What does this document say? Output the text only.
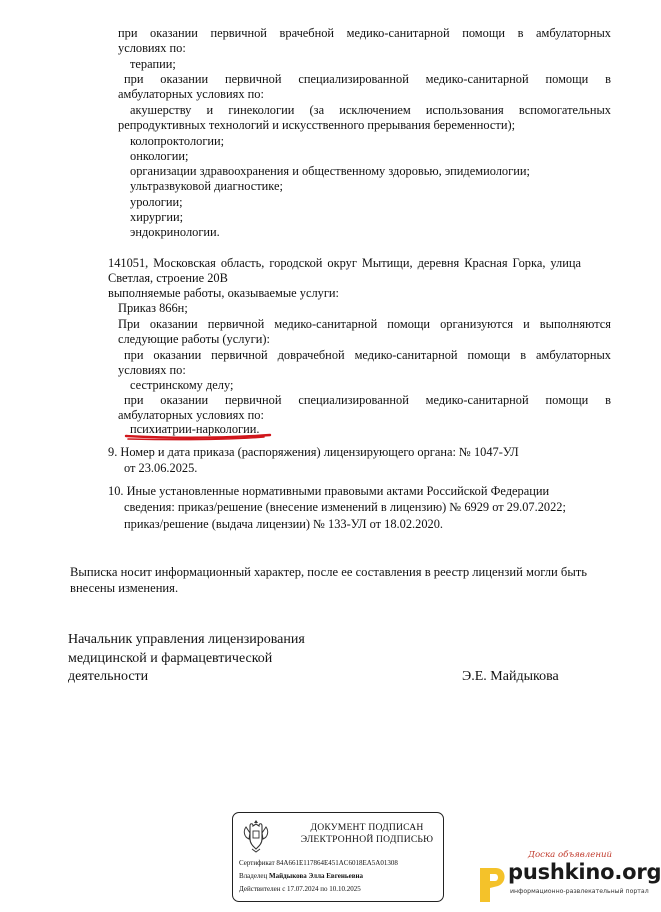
при оказании первичной врачебной медико-санитарной помощи в амбулаторных
условиях по:
терапии;
при оказании первичной специализированной медико-санитарной помощи в
амбулаторных условиях по:
акушерству и гинекологии (за исключением использования вспомогательных
репродуктивных технологий и искусственного прерывания беременности);
колопроктологии;
онкологии;
организации здравоохранения и общественному здоровью, эпидемиологии;
ультразвуковой диагностике;
урологии;
хирургии;
эндокринологии.
141051, Московская область, городской округ Мытищи, деревня Красная Горка, улица
Светлая, строение 20В
выполняемые работы, оказываемые услуги:
Приказ 866н;
При оказании первичной медико-санитарной помощи организуются и выполняются
следующие работы (услуги):
при оказании первичной доврачебной медико-санитарной помощи в амбулаторных
условиях по:
сестринскому делу;
при оказании первичной специализированной медико-санитарной помощи в
амбулаторных условиях по:
психиатрии-наркологии.
9. Номер и дата приказа (распоряжения) лицензирующего органа: № 1047-УЛ
от 23.06.2025.
10. Иные установленные нормативными правовыми актами Российской Федерации
сведения: приказ/решение (внесение изменений в лицензию) № 6929 от 29.07.2022;
приказ/решение (выдача лицензии) № 133-УЛ от 18.02.2020.
Выписка носит информационный характер, после ее составления в реестр лицензий могли быть
внесены изменения.
Начальник управления лицензирования
медицинской и фармацевтической
деятельности	Э.Е. Майдыкова
ДОКУМЕНТ ПОДПИСАН
ЭЛЕКТРОННОЙ ПОДПИСЬЮ
Сертификат 84A661E117864E451AC6018EA5A01308
Владелец Майдыкова Элла Евгеньевна
Действителен с 17.07.2024 по 10.10.2025
Доска объявлений
pushkino.org
информационно-развлекательный портал
